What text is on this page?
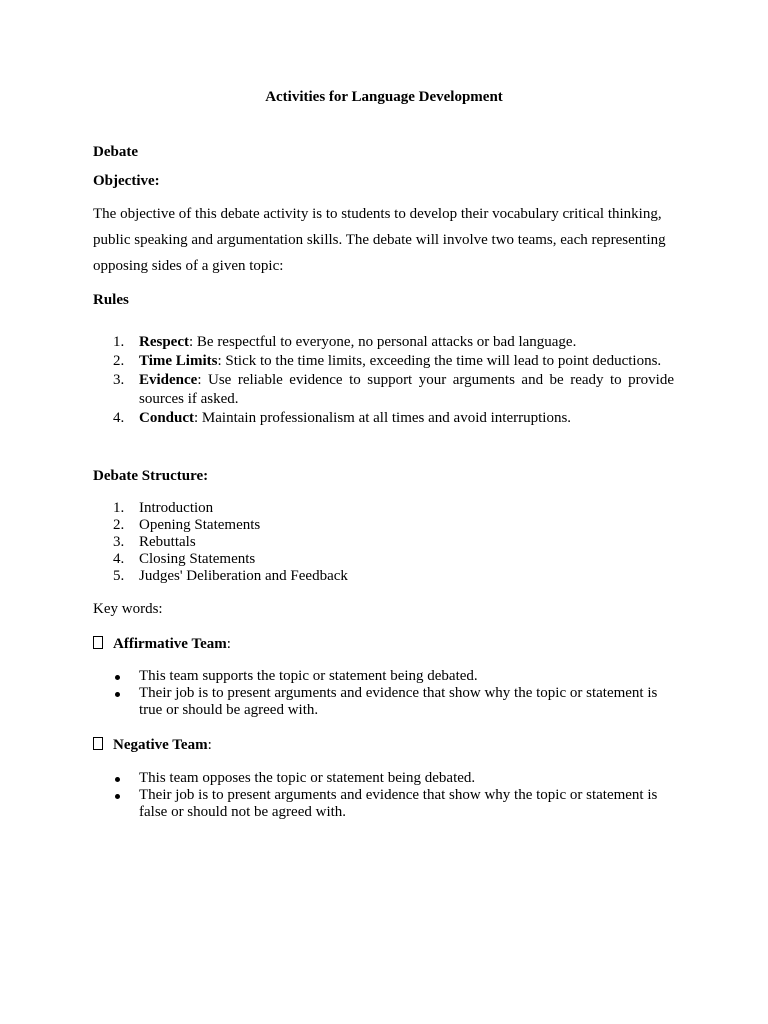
Activities for Language Development
Debate
Objective:

The objective of this debate activity is to students to develop their vocabulary critical thinking, public speaking and argumentation skills. The debate will involve two teams, each representing opposing sides of a given topic:

Rules
1. Respect: Be respectful to everyone, no personal attacks or bad language.
2. Time Limits: Stick to the time limits, exceeding the time will lead to point deductions.
3. Evidence: Use reliable evidence to support your arguments and be ready to provide sources if asked.
4. Conduct: Maintain professionalism at all times and avoid interruptions.
Debate Structure:
1. Introduction
2. Opening Statements
3. Rebuttals
4. Closing Statements
5. Judges' Deliberation and Feedback
Key words:
Affirmative Team:
This team supports the topic or statement being debated.
Their job is to present arguments and evidence that show why the topic or statement is true or should be agreed with.
Negative Team:
This team opposes the topic or statement being debated.
Their job is to present arguments and evidence that show why the topic or statement is false or should not be agreed with.
